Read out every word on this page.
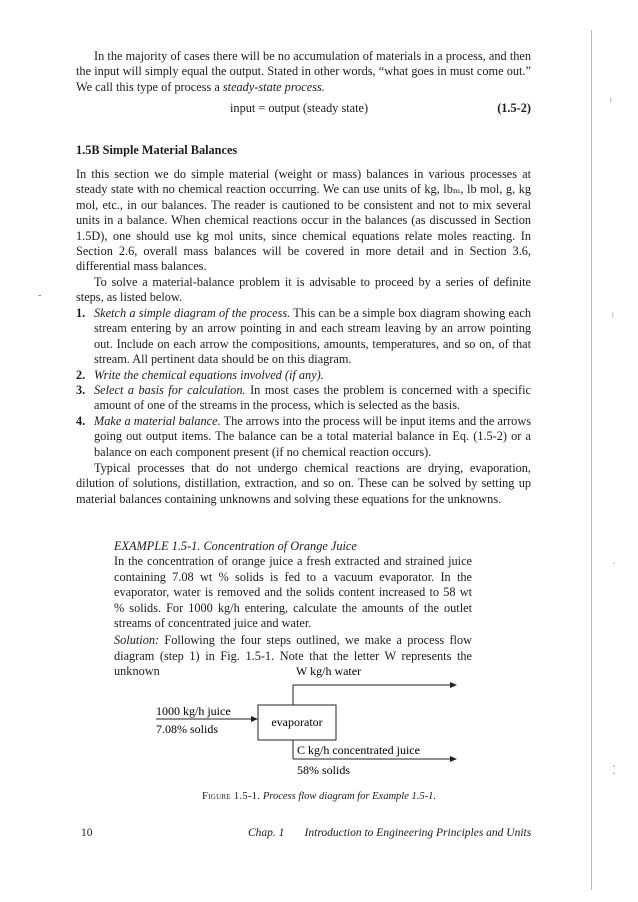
⁾
⁾
·
⁚
-

In the majority of cases there will be no accumulation of materials in a process, and then the input will simply equal the output. Stated in other words, “what goes in must come out.” We call this type of process a steady-state process.

input = output (steady state)	(1.5-2)
1.5B Simple Material Balances

In this section we do simple material (weight or mass) balances in various processes at steady state with no chemical reaction occurring. We can use units of kg, lbₘ, lb mol, g, kg mol, etc., in our balances. The reader is cautioned to be consistent and not to mix several units in a balance. When chemical reactions occur in the balances (as discussed in Section 1.5D), one should use kg mol units, since chemical equations relate moles reacting. In Section 2.6, overall mass balances will be covered in more detail and in Section 3.6, differential mass balances.

To solve a material-balance problem it is advisable to proceed by a series of definite steps, as listed below.

1. Sketch a simple diagram of the process. This can be a simple box diagram showing each stream entering by an arrow pointing in and each stream leaving by an arrow pointing out. Include on each arrow the compositions, amounts, temperatures, and so on, of that stream. All pertinent data should be on this diagram.
2. Write the chemical equations involved (if any).
3. Select a basis for calculation. In most cases the problem is concerned with a specific amount of one of the streams in the process, which is selected as the basis.
4. Make a material balance. The arrows into the process will be input items and the arrows going out output items. The balance can be a total material balance in Eq. (1.5-2) or a balance on each component present (if no chemical reaction occurs).

Typical processes that do not undergo chemical reactions are drying, evaporation, dilution of solutions, distillation, extraction, and so on. These can be solved by setting up material balances containing unknowns and solving these equations for the unknowns.

EXAMPLE 1.5-1. Concentration of Orange Juice

In the concentration of orange juice a fresh extracted and strained juice containing 7.08 wt % solids is fed to a vacuum evaporator. In the evaporator, water is removed and the solids content increased to 58 wt % solids. For 1000 kg/h entering, calculate the amounts of the outlet streams of concentrated juice and water.

Solution: Following the four steps outlined, we make a process flow diagram (step 1) in Fig. 1.5-1. Note that the letter W represents the unknown	W kg/h water
evaporator
1000 kg/h juice
7.08% solids
C kg/h concentrated juice
58% solids
Figure 1.5-1. Process flow diagram for Example 1.5-1.
10	Chap. 1       Introduction to Engineering Principles and Units
